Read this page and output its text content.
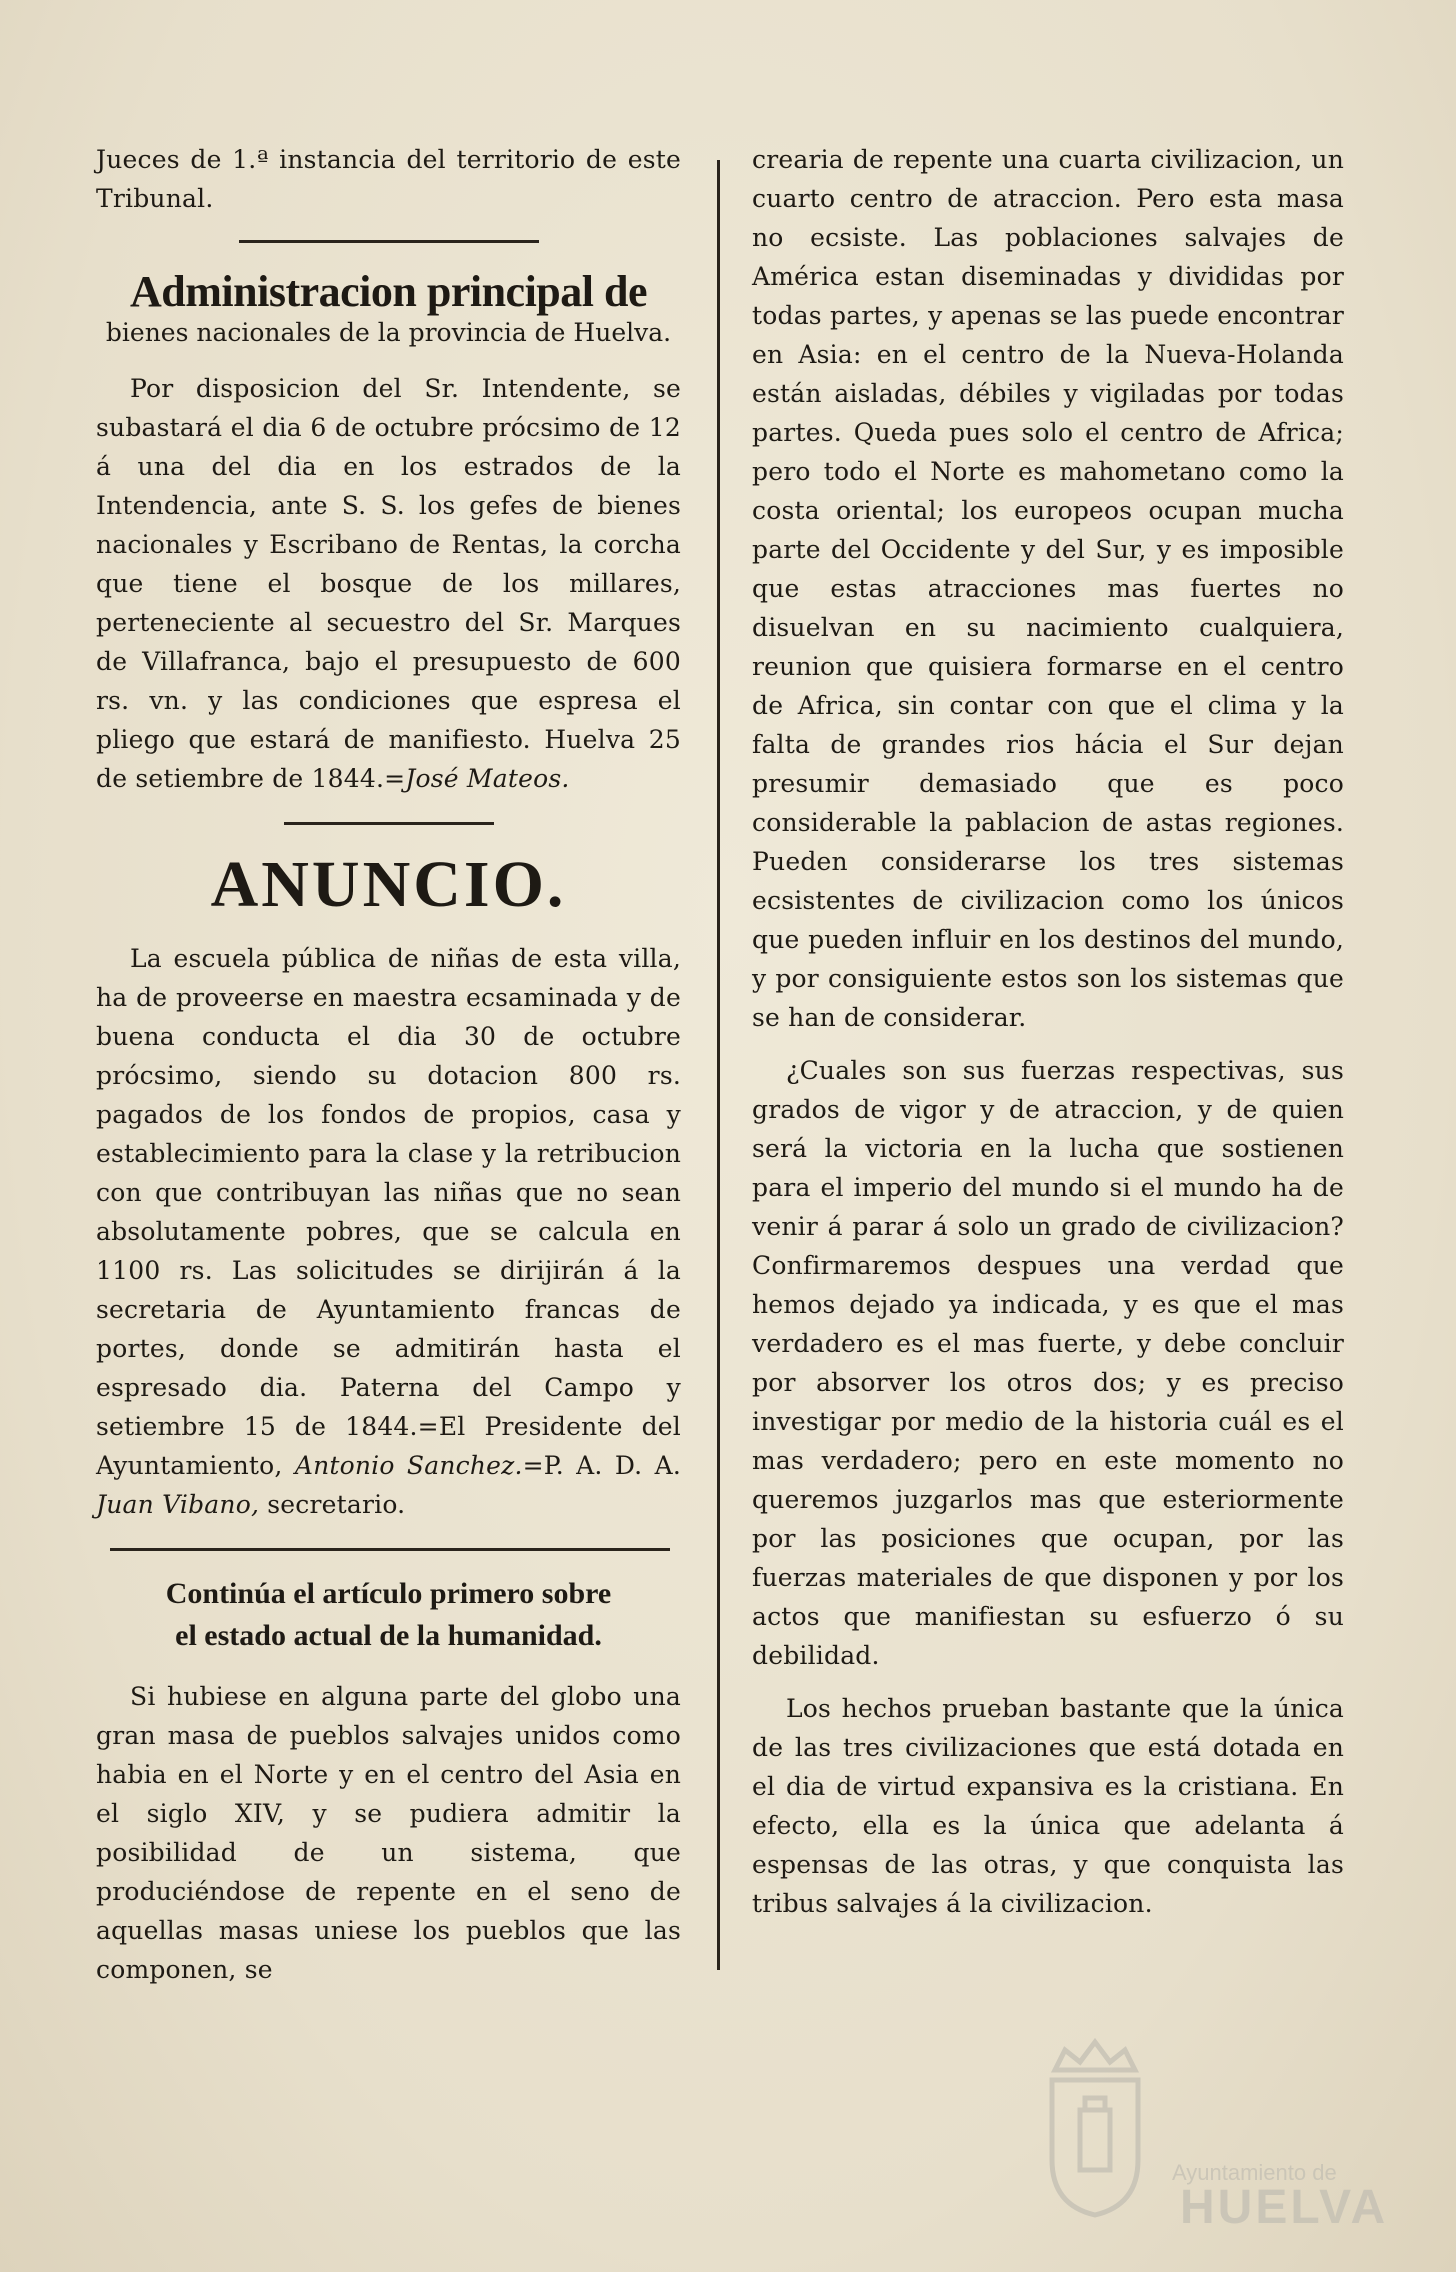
Jueces de 1.ª instancia del territorio de este Tribunal.

Administracion principal de
bienes nacionales de la provincia de Huelva.

Por disposicion del Sr. Intendente, se subastará el dia 6 de octubre prócsimo de 12 á una del dia en los estrados de la Intendencia, ante S. S. los gefes de bienes nacionales y Escribano de Rentas, la corcha que tiene el bosque de los millares, perteneciente al secuestro del Sr. Marques de Villafranca, bajo el presupuesto de 600 rs. vn. y las condiciones que espresa el pliego que estará de manifiesto. Huelva 25 de setiembre de 1844.=José Mateos.

ANUNCIO.

La escuela pública de niñas de esta villa, ha de proveerse en maestra ecsaminada y de buena conducta el dia 30 de octubre prócsimo, siendo su dotacion 800 rs. pagados de los fondos de propios, casa y establecimiento para la clase y la retribucion con que contribuyan las niñas que no sean absolutamente pobres, que se calcula en 1100 rs. Las solicitudes se dirijirán á la secretaria de Ayuntamiento francas de portes, donde se admitirán hasta el espresado dia. Paterna del Campo y setiembre 15 de 1844.=El Presidente del Ayuntamiento, Antonio Sanchez.=P. A. D. A. Juan Vibano, secretario.

Continúa el artículo primero sobre
el estado actual de la humanidad.

Si hubiese en alguna parte del globo una gran masa de pueblos salvajes unidos como habia en el Norte y en el centro del Asia en el siglo XIV, y se pudiera admitir la posibilidad de un sistema, que produciéndose de repente en el seno de aquellas masas uniese los pueblos que las componen, se

crearia de repente una cuarta civilizacion, un cuarto centro de atraccion. Pero esta masa no ecsiste. Las poblaciones salvajes de América estan diseminadas y divididas por todas partes, y apenas se las puede encontrar en Asia: en el centro de la Nueva-Holanda están aisladas, débiles y vigiladas por todas partes. Queda pues solo el centro de Africa; pero todo el Norte es mahometano como la costa oriental; los europeos ocupan mucha parte del Occidente y del Sur, y es imposible que estas atracciones mas fuertes no disuelvan en su nacimiento cualquiera, reunion que quisiera formarse en el centro de Africa, sin contar con que el clima y la falta de grandes rios hácia el Sur dejan presumir demasiado que es poco considerable la pablacion de astas regiones. Pueden considerarse los tres sistemas ecsistentes de civilizacion como los únicos que pueden influir en los destinos del mundo, y por consiguiente estos son los sistemas que se han de considerar.

¿Cuales son sus fuerzas respectivas, sus grados de vigor y de atraccion, y de quien será la victoria en la lucha que sostienen para el imperio del mundo si el mundo ha de venir á parar á solo un grado de civilizacion? Confirmaremos despues una verdad que hemos dejado ya indicada, y es que el mas verdadero es el mas fuerte, y debe concluir por absorver los otros dos; y es preciso investigar por medio de la historia cuál es el mas verdadero; pero en este momento no queremos juzgarlos mas que esteriormente por las posiciones que ocupan, por las fuerzas materiales de que disponen y por los actos que manifiestan su esfuerzo ó su debilidad.

Los hechos prueban bastante que la única de las tres civilizaciones que está dotada en el dia de virtud expansiva es la cristiana. En efecto, ella es la única que adelanta á espensas de las otras, y que conquista las tribus salvajes á la civilizacion.

Ayuntamiento de
HUELVA
